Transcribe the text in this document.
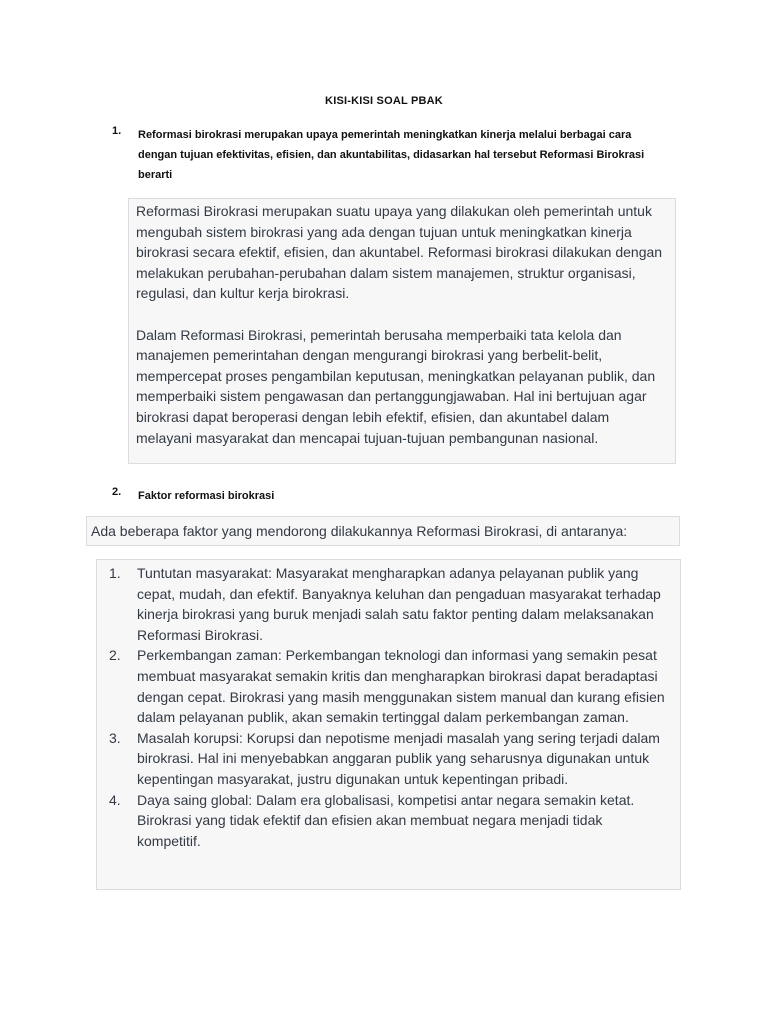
KISI-KISI SOAL PBAK
1. Reformasi birokrasi merupakan upaya pemerintah meningkatkan kinerja melalui berbagai cara dengan tujuan efektivitas, efisien, dan akuntabilitas, didasarkan hal tersebut Reformasi Birokrasi berarti

Reformasi Birokrasi merupakan suatu upaya yang dilakukan oleh pemerintah untuk mengubah sistem birokrasi yang ada dengan tujuan untuk meningkatkan kinerja birokrasi secara efektif, efisien, dan akuntabel. Reformasi birokrasi dilakukan dengan melakukan perubahan-perubahan dalam sistem manajemen, struktur organisasi, regulasi, dan kultur kerja birokrasi.

Dalam Reformasi Birokrasi, pemerintah berusaha memperbaiki tata kelola dan manajemen pemerintahan dengan mengurangi birokrasi yang berbelit-belit, mempercepat proses pengambilan keputusan, meningkatkan pelayanan publik, dan memperbaiki sistem pengawasan dan pertanggungjawaban. Hal ini bertujuan agar birokrasi dapat beroperasi dengan lebih efektif, efisien, dan akuntabel dalam melayani masyarakat dan mencapai tujuan-tujuan pembangunan nasional.

2. Faktor reformasi birokrasi
Ada beberapa faktor yang mendorong dilakukannya Reformasi Birokrasi, di antaranya:
1.	Tuntutan masyarakat: Masyarakat mengharapkan adanya pelayanan publik yang cepat, mudah, dan efektif. Banyaknya keluhan dan pengaduan masyarakat terhadap kinerja birokrasi yang buruk menjadi salah satu faktor penting dalam melaksanakan Reformasi Birokrasi.
2.	Perkembangan zaman: Perkembangan teknologi dan informasi yang semakin pesat membuat masyarakat semakin kritis dan mengharapkan birokrasi dapat beradaptasi dengan cepat. Birokrasi yang masih menggunakan sistem manual dan kurang efisien dalam pelayanan publik, akan semakin tertinggal dalam perkembangan zaman.
3.	Masalah korupsi: Korupsi dan nepotisme menjadi masalah yang sering terjadi dalam birokrasi. Hal ini menyebabkan anggaran publik yang seharusnya digunakan untuk kepentingan masyarakat, justru digunakan untuk kepentingan pribadi.
4.	Daya saing global: Dalam era globalisasi, kompetisi antar negara semakin ketat. Birokrasi yang tidak efektif dan efisien akan membuat negara menjadi tidak kompetitif.
